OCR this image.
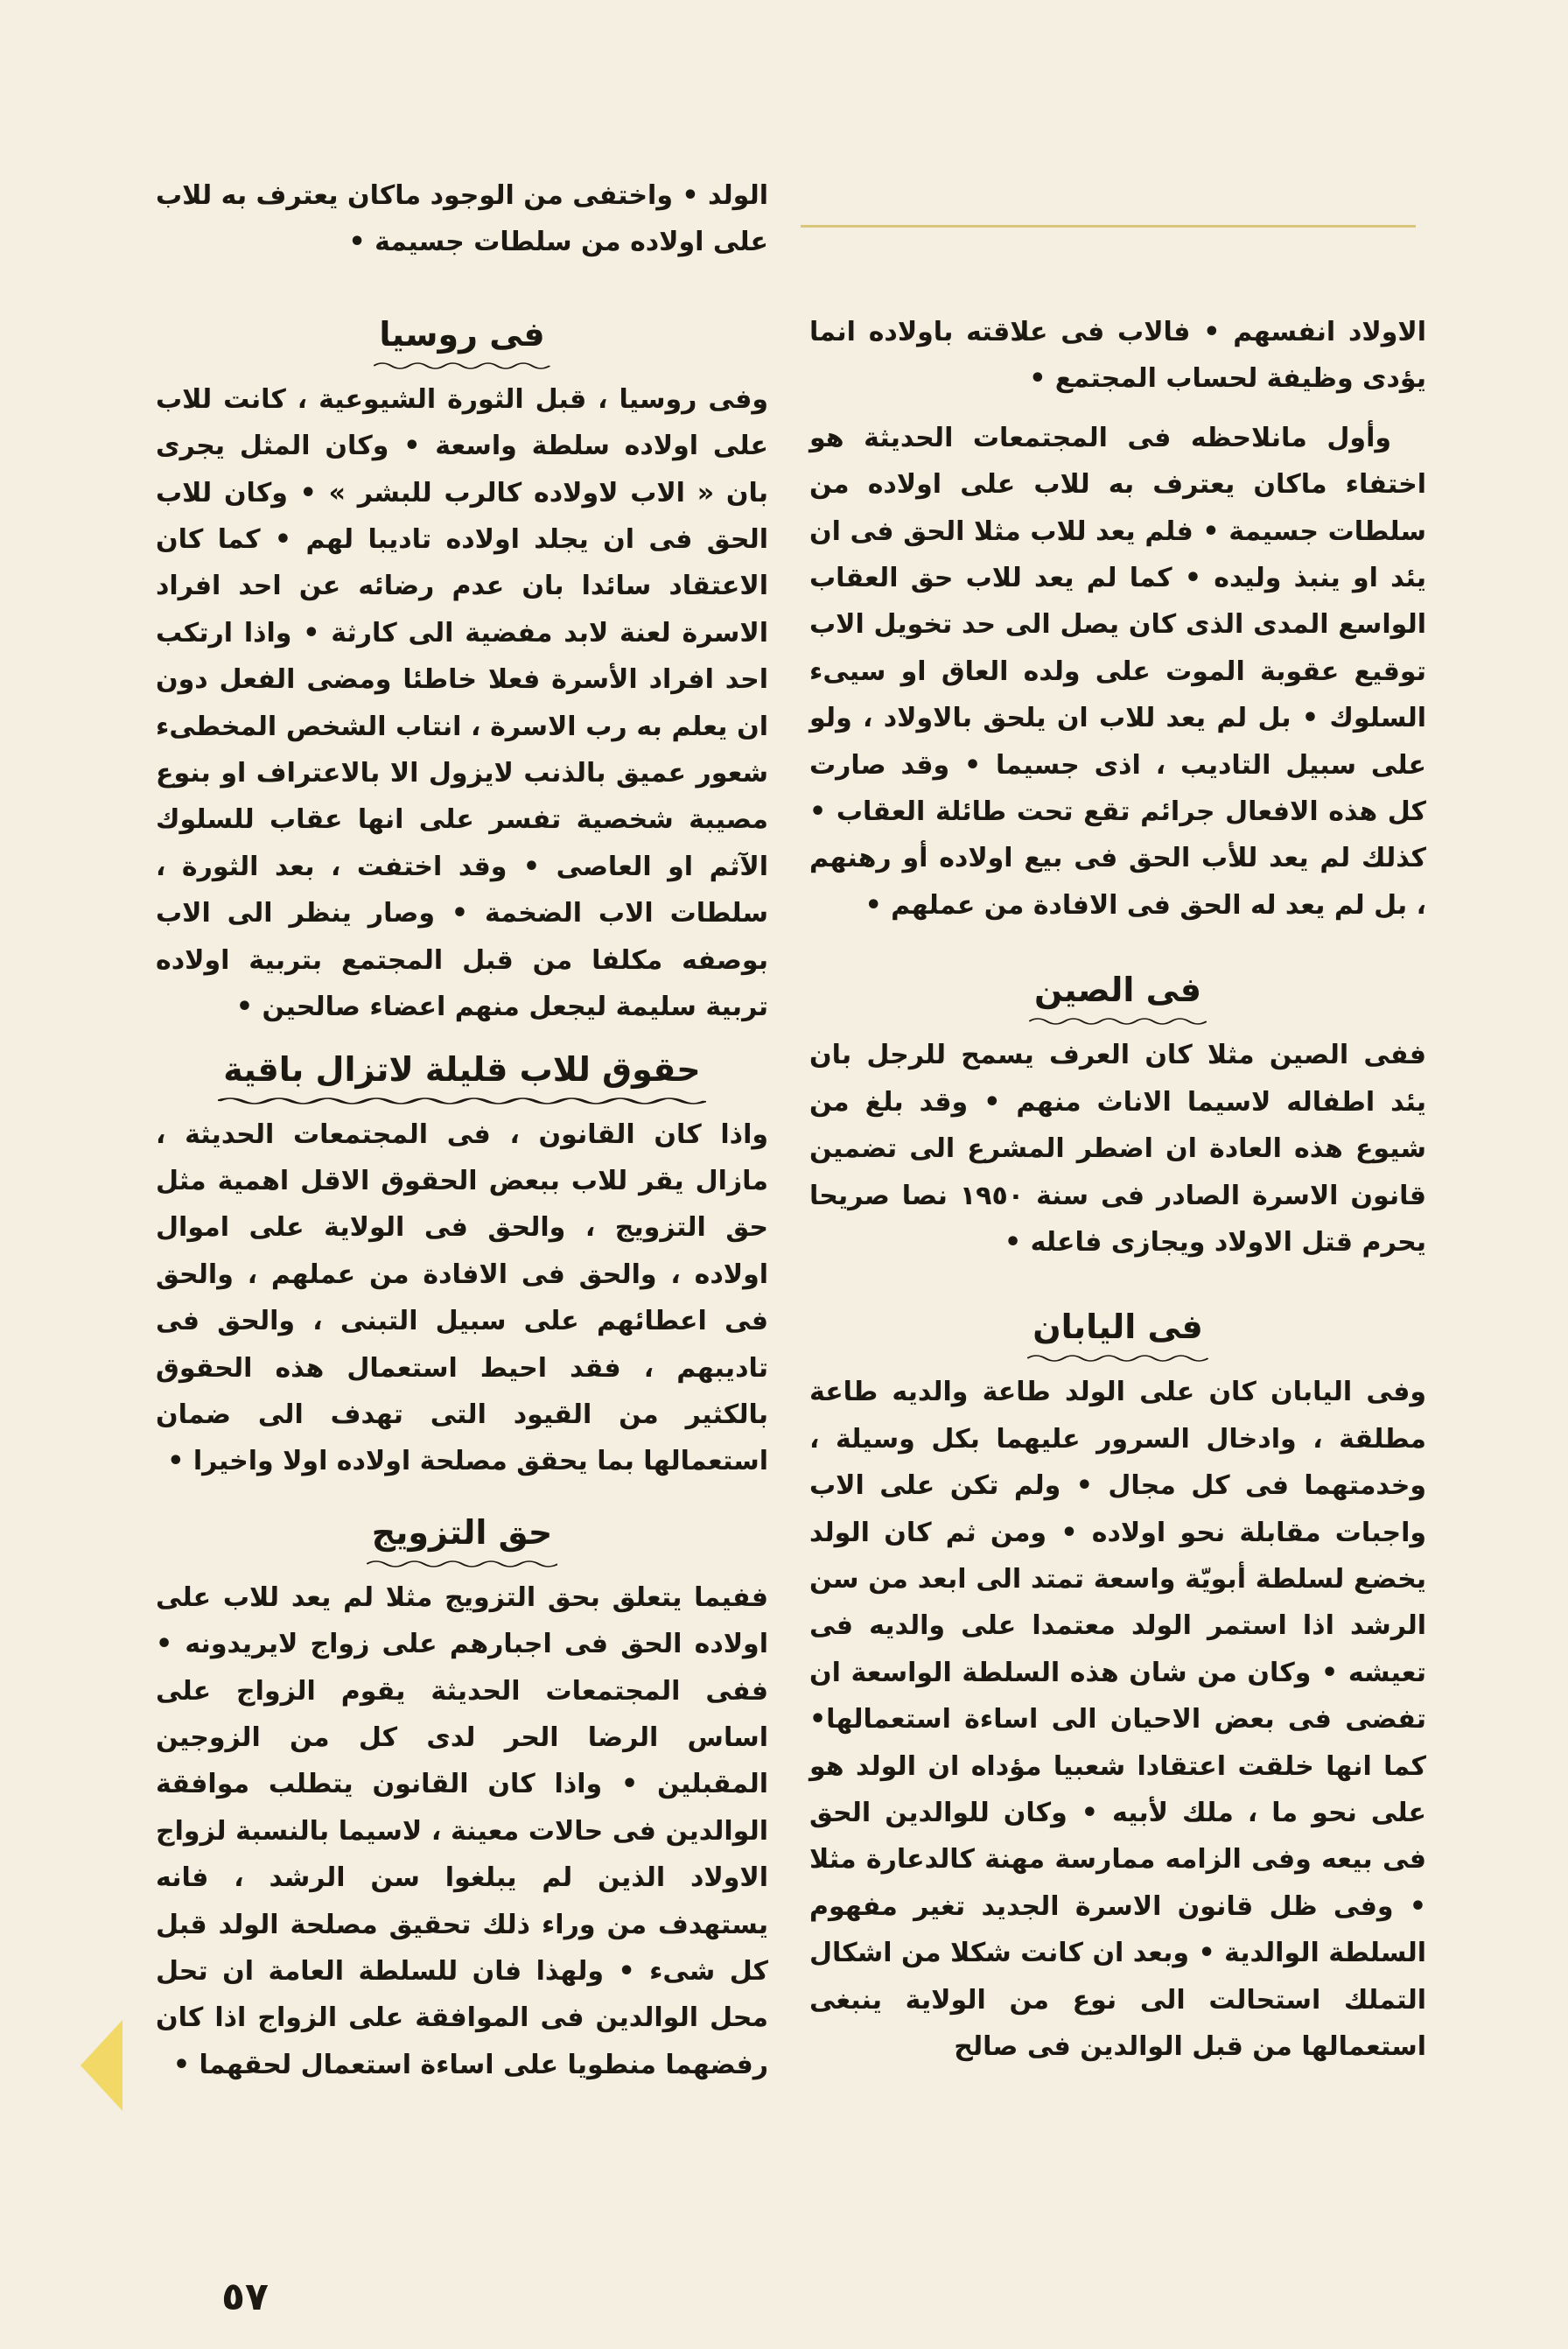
الولد • واختفى من الوجود ماكان يعترف به للاب على اولاده من سلطات جسيمة •

فى روسيا

وفى روسيا ، قبل الثورة الشيوعية ، كانت للاب على اولاده سلطة واسعة • وكان المثل يجرى بان « الاب لاولاده كالرب للبشر » • وكان للاب الحق فى ان يجلد اولاده تاديبا لهم • كما كان الاعتقاد سائدا بان عدم رضائه عن احد افراد الاسرة لعنة لابد مفضية الى كارثة • واذا ارتكب احد افراد الأسرة فعلا خاطئا ومضى الفعل دون ان يعلم به رب الاسرة ، انتاب الشخص المخطىء شعور عميق بالذنب لايزول الا بالاعتراف او بنوع مصيبة شخصية تفسر على انها عقاب للسلوك الآثم او العاصى • وقد اختفت ، بعد الثورة ، سلطات الاب الضخمة • وصار ينظر الى الاب بوصفه مكلفا من قبل المجتمع بتربية اولاده تربية سليمة ليجعل منهم اعضاء صالحين •

حقوق للاب قليلة لاتزال باقية

واذا كان القانون ، فى المجتمعات الحديثة ، مازال يقر للاب ببعض الحقوق الاقل اهمية مثل حق التزويج ، والحق فى الولاية على اموال اولاده ، والحق فى الافادة من عملهم ، والحق فى اعطائهم على سبيل التبنى ، والحق فى تاديبهم ، فقد احيط استعمال هذه الحقوق بالكثير من القيود التى تهدف الى ضمان استعمالها بما يحقق مصلحة اولاده اولا واخيرا •

حق التزويج

ففيما يتعلق بحق التزويج مثلا لم يعد للاب على اولاده الحق فى اجبارهم على زواج لايريدونه • ففى المجتمعات الحديثة يقوم الزواج على اساس الرضا الحر لدى كل من الزوجين المقبلين • واذا كان القانون يتطلب موافقة الوالدين فى حالات معينة ، لاسيما بالنسبة لزواج الاولاد الذين لم يبلغوا سن الرشد ، فانه يستهدف من وراء ذلك تحقيق مصلحة الولد قبل كل شىء • ولهذا فان للسلطة العامة ان تحل محل الوالدين فى الموافقة على الزواج اذا كان رفضهما منطويا على اساءة استعمال لحقهما •

الاولاد انفسهم • فالاب فى علاقته باولاده انما يؤدى وظيفة لحساب المجتمع •

وأول مانلاحظه فى المجتمعات الحديثة هو اختفاء ماكان يعترف به للاب على اولاده من سلطات جسيمة • فلم يعد للاب مثلا الحق فى ان يئد او ينبذ وليده • كما لم يعد للاب حق العقاب الواسع المدى الذى كان يصل الى حد تخويل الاب توقيع عقوبة الموت على ولده العاق او سيىء السلوك • بل لم يعد للاب ان يلحق بالاولاد ، ولو على سبيل التاديب ، اذى جسيما • وقد صارت كل هذه الافعال جرائم تقع تحت طائلة العقاب • كذلك لم يعد للأب الحق فى بيع اولاده أو رهنهم ، بل لم يعد له الحق فى الافادة من عملهم •

فى الصين

ففى الصين مثلا كان العرف يسمح للرجل بان يئد اطفاله لاسيما الاناث منهم • وقد بلغ من شيوع هذه العادة ان اضطر المشرع الى تضمين قانون الاسرة الصادر فى سنة ١٩٥٠ نصا صريحا يحرم قتل الاولاد ويجازى فاعله •

فى اليابان

وفى اليابان كان على الولد طاعة والديه طاعة مطلقة ، وادخال السرور عليهما بكل وسيلة ، وخدمتهما فى كل مجال • ولم تكن على الاب واجبات مقابلة نحو اولاده • ومن ثم كان الولد يخضع لسلطة أبويّة واسعة تمتد الى ابعد من سن الرشد اذا استمر الولد معتمدا على والديه فى تعيشه • وكان من شان هذه السلطة الواسعة ان تفضى فى بعض الاحيان الى اساءة استعمالها• كما انها خلقت اعتقادا شعبيا مؤداه ان الولد هو على نحو ما ، ملك لأبيه • وكان للوالدين الحق فى بيعه وفى الزامه ممارسة مهنة كالدعارة مثلا • وفى ظل قانون الاسرة الجديد تغير مفهوم السلطة الوالدية • وبعد ان كانت شكلا من اشكال التملك استحالت الى نوع من الولاية ينبغى استعمالها من قبل الوالدين فى صالح

٥٧
